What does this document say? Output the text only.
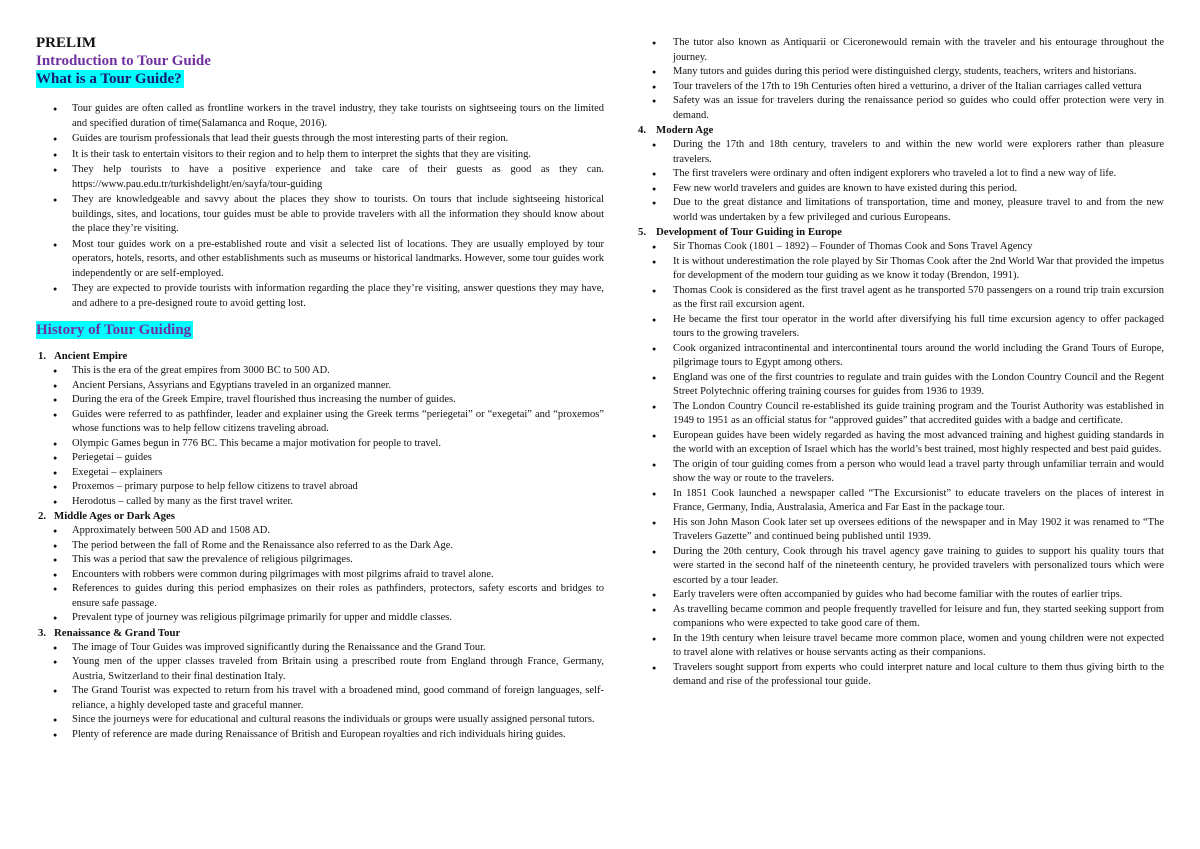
PRELIM
Introduction to Tour Guide
What is a Tour Guide?
● Tour guides are often called as frontline workers in the travel industry, they take tourists on sightseeing tours on the limited and specified duration of time(Salamanca and Roque, 2016).
● Guides are tourism professionals that lead their guests through the most interesting parts of their region.
● It is their task to entertain visitors to their region and to help them to interpret the sights that they are visiting.
● They help tourists to have a positive experience and take care of their guests as good as they can. https://www.pau.edu.tr/turkishdelight/en/sayfa/tour-guiding
● They are knowledgeable and savvy about the places they show to tourists. On tours that include sightseeing historical buildings, sites, and locations, tour guides must be able to provide travelers with all the information they should know about the place they’re visiting.
● Most tour guides work on a pre-established route and visit a selected list of locations. They are usually employed by tour operators, hotels, resorts, and other establishments such as museums or historical landmarks. However, some tour guides work independently or are self-employed.
● They are expected to provide tourists with information regarding the place they’re visiting, answer questions they may have, and adhere to a pre-designed route to avoid getting lost.
History of Tour Guiding
1. Ancient Empire
● This is the era of the great empires from 3000 BC to 500 AD.
● Ancient Persians, Assyrians and Egyptians traveled in an organized manner.
● During the era of the Greek Empire, travel flourished thus increasing the number of guides.
● Guides were referred to as pathfinder, leader and explainer using the Greek terms “periegetai” or “exegetai” and “proxemos” whose functions was to help fellow citizens traveling abroad.
● Olympic Games begun in 776 BC. This became a major motivation for people to travel.
● Periegetai – guides
● Exegetai – explainers
● Proxemos – primary purpose to help fellow citizens to travel abroad
● Herodotus – called by many as the first travel writer.
2. Middle Ages or Dark Ages
● Approximately between 500 AD and 1508 AD.
● The period between the fall of Rome and the Renaissance also referred to as the Dark Age.
● This was a period that saw the prevalence of religious pilgrimages.
● Encounters with robbers were common during pilgrimages with most pilgrims afraid to travel alone.
● References to guides during this period emphasizes on their roles as pathfinders, protectors, safety escorts and bridges to ensure safe passage.
● Prevalent type of journey was religious pilgrimage primarily for upper and middle classes.
3. Renaissance & Grand Tour
● The image of Tour Guides was improved significantly during the Renaissance and the Grand Tour.
● Young men of the upper classes traveled from Britain using a prescribed route from England through France, Germany, Austria, Switzerland to their final destination Italy.
● The Grand Tourist was expected to return from his travel with a broadened mind, good command of foreign languages, self-reliance, a highly developed taste and graceful manner.
● Since the journeys were for educational and cultural reasons the individuals or groups were usually assigned personal tutors.
● Plenty of reference are made during Renaissance of British and European royalties and rich individuals hiring guides.
● The tutor also known as Antiquarii or Ciceronewould remain with the traveler and his entourage throughout the journey.
● Many tutors and guides during this period were distinguished clergy, students, teachers, writers and historians.
● Tour travelers of the 17th to 19h Centuries often hired a vetturino, a driver of the Italian carriages called vettura
● Safety was an issue for travelers during the renaissance period so guides who could offer protection were very in demand.
4. Modern Age
● During the 17th and 18th century, travelers to and within the new world were explorers rather than pleasure travelers.
● The first travelers were ordinary and often indigent explorers who traveled a lot to find a new way of life.
● Few new world travelers and guides are known to have existed during this period.
● Due to the great distance and limitations of transportation, time and money, pleasure travel to and from the new world was undertaken by a few privileged and curious Europeans.
5. Development of Tour Guiding in Europe
● Sir Thomas Cook (1801 – 1892) – Founder of Thomas Cook and Sons Travel Agency
● It is without underestimation the role played by Sir Thomas Cook after the 2nd World War that provided the impetus for development of the modern tour guiding as we know it today (Brendon, 1991).
● Thomas Cook is considered as the first travel agent as he transported 570 passengers on a round trip train excursion as the first rail excursion agent.
● He became the first tour operator in the world after diversifying his full time excursion agency to offer packaged tours to the growing travelers.
● Cook organized intracontinental and intercontinental tours around the world including the Grand Tours of Europe, pilgrimage tours to Egypt among others.
● England was one of the first countries to regulate and train guides with the London Country Council and the Regent Street Polytechnic offering training courses for guides from 1936 to 1939.
● The London Country Council re-established its guide training program and the Tourist Authority was established in 1949 to 1951 as an official status for “approved guides” that accredited guides with a badge and certificate.
● European guides have been widely regarded as having the most advanced training and highest guiding standards in the world with an exception of Israel which has the world’s best trained, most highly respected and best paid guides.
● The origin of tour guiding comes from a person who would lead a travel party through unfamiliar terrain and would show the way or route to the travelers.
● In 1851 Cook launched a newspaper called “The Excursionist” to educate travelers on the places of interest in France, Germany, India, Australasia, America and Far East in the package tour.
● His son John Mason Cook later set up oversees editions of the newspaper and in May 1902 it was renamed to “The Travelers Gazette” and continued being published until 1939.
● During the 20th century, Cook through his travel agency gave training to guides to support his quality tours that were started in the second half of the nineteenth century, he provided travelers with personalized tours which were escorted by a tour leader.
● Early travelers were often accompanied by guides who had become familiar with the routes of earlier trips.
● As travelling became common and people frequently travelled for leisure and fun, they started seeking support from companions who were expected to take good care of them.
● In the 19th century when leisure travel became more common place, women and young children were not expected to travel alone with relatives or house servants acting as their companions.
● Travelers sought support from experts who could interpret nature and local culture to them thus giving birth to the demand and rise of the professional tour guide.
